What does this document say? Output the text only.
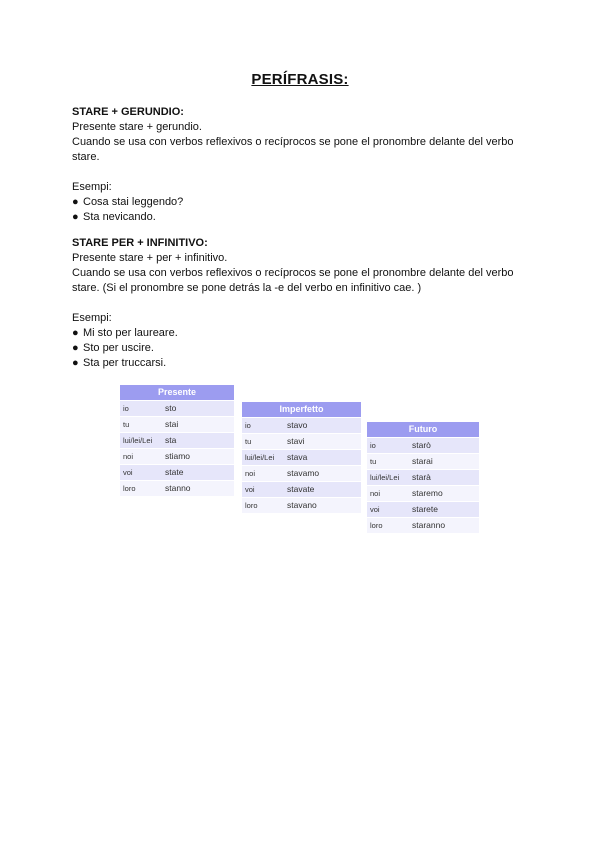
PERÍFRASIS:
STARE + GERUNDIO:
Presente stare + gerundio.
Cuando se usa con verbos reflexivos o recíprocos se pone el pronombre delante del verbo
stare.
Esempi:
● Cosa stai leggendo?
● Sta nevicando.
STARE PER + INFINITIVO:
Presente stare + per + infinitivo.
Cuando se usa con verbos reflexivos o recíprocos se pone el pronombre delante del verbo
stare. (Si el pronombre se pone detrás la -e del verbo en infinitivo cae. )
Esempi:
● Mi sto per laureare.
● Sto per uscire.
● Sta per truccarsi.
Presente
io	sto
tu	stai
lui/lei/Lei	sta
noi	stiamo
voi	state
loro	stanno
Imperfetto
io	stavo
tu	stavi
lui/lei/Lei	stava
noi	stavamo
voi	stavate
loro	stavano
Futuro
io	starò
tu	starai
lui/lei/Lei	starà
noi	staremo
voi	starete
loro	staranno
